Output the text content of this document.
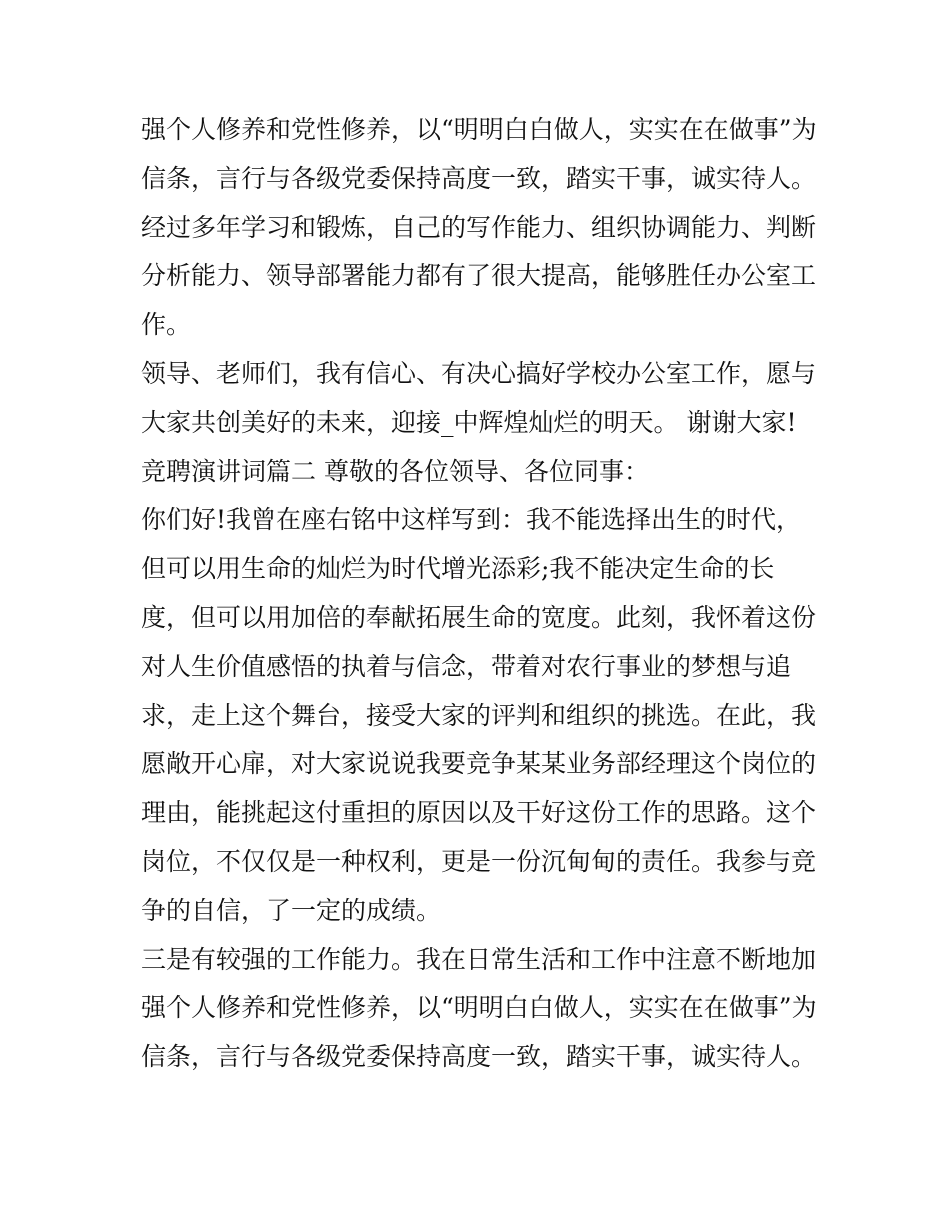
强个人修养和党性修养，以“明明白白做人，实实在在做事”为
信条，言行与各级党委保持高度一致，踏实干事，诚实待人。
经过多年学习和锻炼，自己的写作能力、组织协调能力、判断
分析能力、领导部署能力都有了很大提高，能够胜任办公室工
作。
领导、老师们，我有信心、有决心搞好学校办公室工作，愿与
大家共创美好的未来，迎接_中辉煌灿烂的明天。 谢谢大家!
竞聘演讲词篇二 尊敬的各位领导、各位同事：
你们好!我曾在座右铭中这样写到：我不能选择出生的时代，
但可以用生命的灿烂为时代增光添彩;我不能决定生命的长
度，但可以用加倍的奉献拓展生命的宽度。此刻，我怀着这份
对人生价值感悟的执着与信念，带着对农行事业的梦想与追
求，走上这个舞台，接受大家的评判和组织的挑选。在此，我
愿敞开心扉，对大家说说我要竞争某某业务部经理这个岗位的
理由，能挑起这付重担的原因以及干好这份工作的思路。这个
岗位，不仅仅是一种权利，更是一份沉甸甸的责任。我参与竞
争的自信，了一定的成绩。
三是有较强的工作能力。我在日常生活和工作中注意不断地加
强个人修养和党性修养，以“明明白白做人，实实在在做事”为
信条，言行与各级党委保持高度一致，踏实干事，诚实待人。
